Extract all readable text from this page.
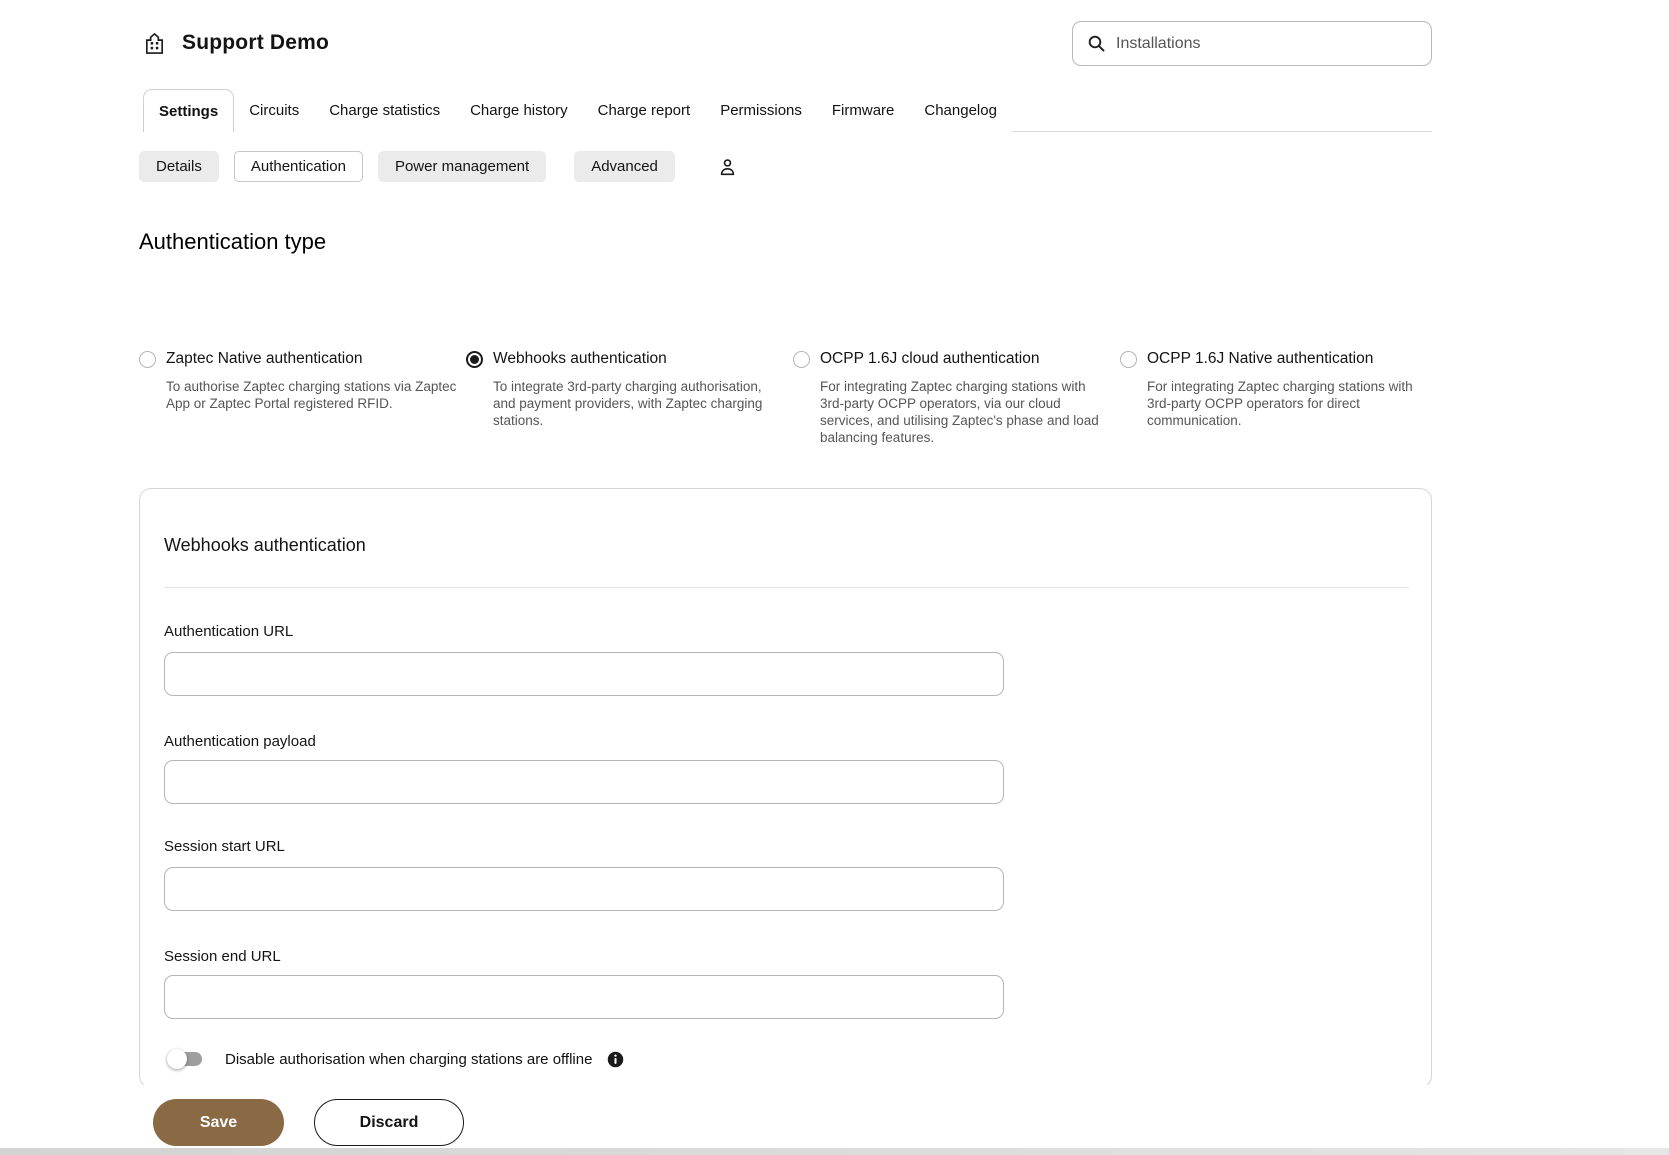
Support Demo
Installations
Settings	Circuits	Charge statistics	Charge history	Charge report	Permissions	Firmware	Changelog
Details	Authentication	Power management	Advanced
Authentication type
Zaptec Native authentication
To authorise Zaptec charging stations via Zaptec App or Zaptec Portal registered RFID.
Webhooks authentication
To integrate 3rd-party charging authorisation, and payment providers, with Zaptec charging stations.
OCPP 1.6J cloud authentication
For integrating Zaptec charging stations with 3rd-party OCPP operators, via our cloud services, and utilising Zaptec's phase and load balancing features.
OCPP 1.6J Native authentication
For integrating Zaptec charging stations with 3rd-party OCPP operators for direct communication.
Webhooks authentication
Authentication URL
Authentication payload
Session start URL
Session end URL
Disable authorisation when charging stations are offline
Save	Discard
